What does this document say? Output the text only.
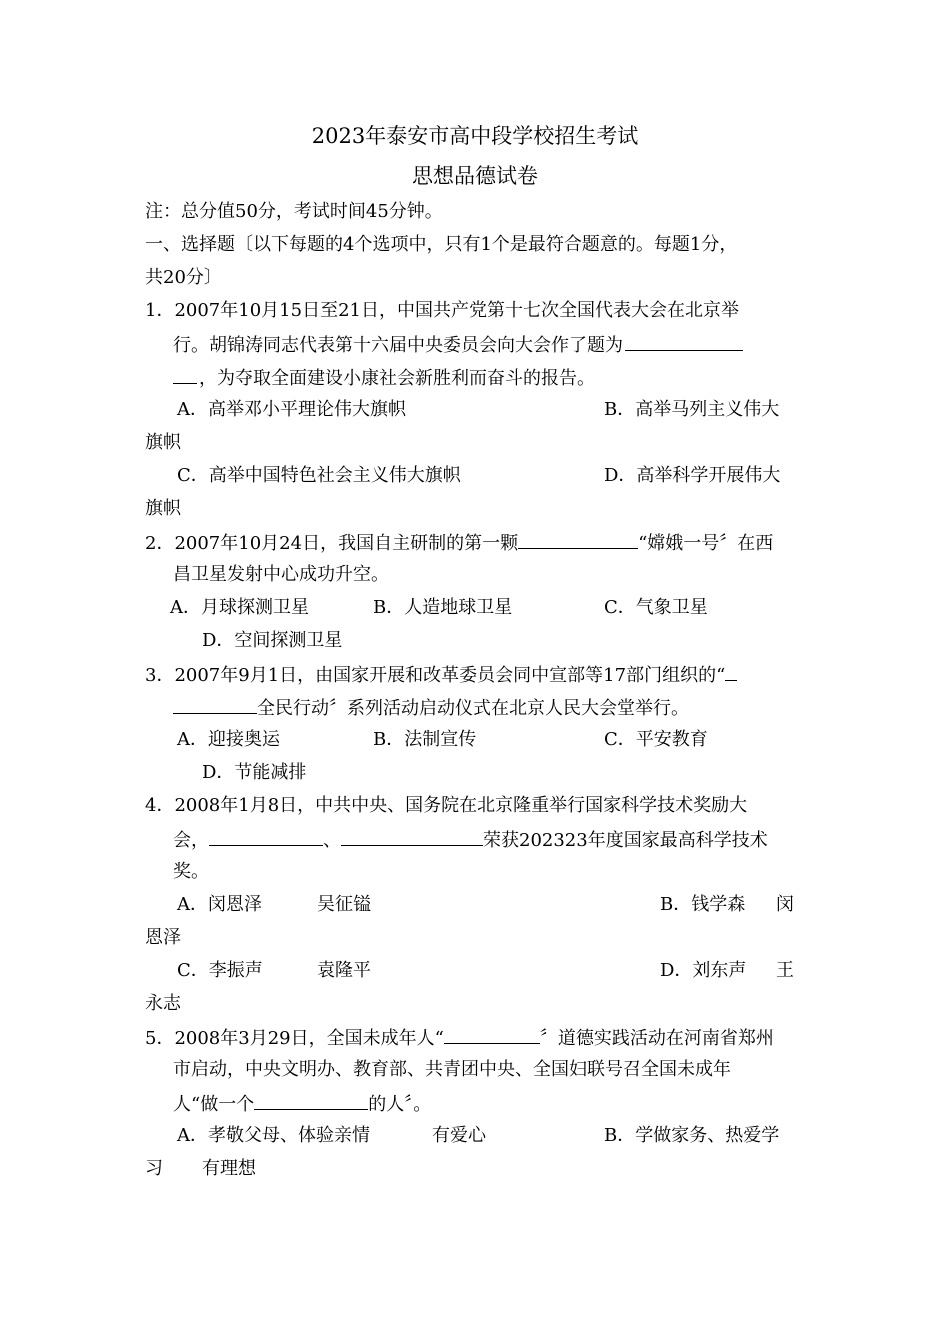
2023年泰安市高中段学校招生考试
思想品德试卷
注：总分值50分，考试时间45分钟。
一、选择题〔以下每题的4个选项中，只有1个是最符合题意的。每题1分，
共20分〕
1．2007年10月15日至21日，中国共产党第十七次全国代表大会在北京举
行。胡锦涛同志代表第十六届中央委员会向大会作了题为
，为夺取全面建设小康社会新胜利而奋斗的报告。
A．高举邓小平理论伟大旗帜	B．高举马列主义伟大
旗帜
C．高举中国特色社会主义伟大旗帜	D．高举科学开展伟大
旗帜
2．2007年10月24日，我国自主研制的第一颗	“嫦娥一号〞在西
昌卫星发射中心成功升空。
A．月球探测卫星	B．人造地球卫星	C．气象卫星
D．空间探测卫星
3．2007年9月1日，由国家开展和改革委员会同中宣部等17部门组织的“
全民行动〞系列活动启动仪式在北京人民大会堂举行。
A．迎接奥运	B．法制宣传	C．平安教育
D．节能减排
4．2008年1月8日，中共中央、国务院在北京隆重举行国家科学技术奖励大
会，	、	荣获202323年度国家最高科学技术
奖。
A．闵恩泽	吴征镒	B．钱学森 闵
恩泽
C．李振声	袁隆平	D．刘东声 王
永志
5．2008年3月29日，全国未成年人“	〞道德实践活动在河南省郑州
市启动，中央文明办、教育部、共青团中央、全国妇联号召全国未成年
人“做一个	的人〞。
A．孝敬父母、体验亲情	有爱心	B．学做家务、热爱学
习 有理想
